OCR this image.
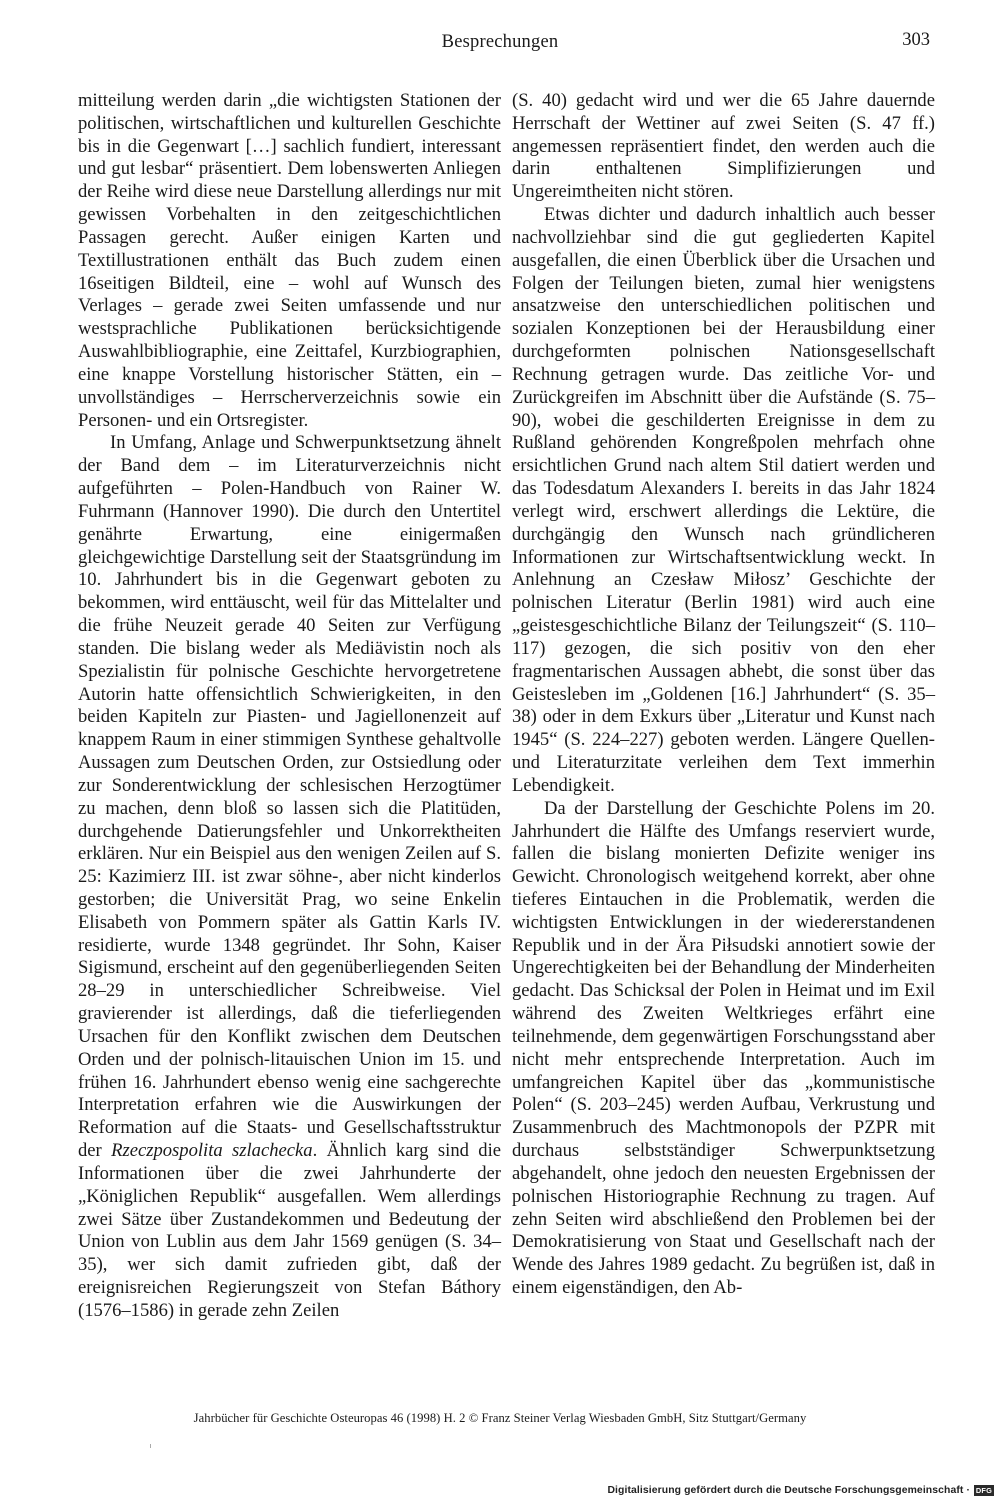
Besprechungen	303

mitteilung werden darin „die wichtigsten Stationen der politischen, wirtschaftlichen und kulturellen Geschichte bis in die Gegenwart […] sachlich fundiert, interessant und gut lesbar“ präsentiert. Dem lobenswerten Anliegen der Reihe wird diese neue Darstellung allerdings nur mit gewissen Vorbehalten in den zeitgeschichtlichen Passagen gerecht. Außer einigen Karten und Textillustrationen enthält das Buch zudem einen 16seitigen Bildteil, eine – wohl auf Wunsch des Verlages – gerade zwei Seiten umfassende und nur westsprachliche Publikationen berücksichtigende Auswahlbibliographie, eine Zeittafel, Kurzbiographien, eine knappe Vorstellung historischer Stätten, ein – unvollständiges – Herrscherverzeichnis sowie ein Personen- und ein Ortsregister.

In Umfang, Anlage und Schwerpunktsetzung ähnelt der Band dem – im Literaturverzeichnis nicht aufgeführten – Polen-Handbuch von Rainer W. Fuhrmann (Hannover 1990). Die durch den Untertitel genährte Erwartung, eine einigermaßen gleichgewichtige Darstellung seit der Staatsgründung im 10. Jahrhundert bis in die Gegenwart geboten zu bekommen, wird enttäuscht, weil für das Mittelalter und die frühe Neuzeit gerade 40 Seiten zur Verfügung standen. Die bislang weder als Mediävistin noch als Spezialistin für polnische Geschichte hervorgetretene Autorin hatte offensichtlich Schwierigkeiten, in den beiden Kapiteln zur Piasten- und Jagiellonenzeit auf knappem Raum in einer stimmigen Synthese gehaltvolle Aussagen zum Deutschen Orden, zur Ostsiedlung oder zur Sonderentwicklung der schlesischen Herzogtümer zu machen, denn bloß so lassen sich die Platitüden, durchgehende Datierungsfehler und Unkorrektheiten erklären. Nur ein Beispiel aus den wenigen Zeilen auf S. 25: Kazimierz III. ist zwar söhne-, aber nicht kinderlos gestorben; die Universität Prag, wo seine Enkelin Elisabeth von Pommern später als Gattin Karls IV. residierte, wurde 1348 gegründet. Ihr Sohn, Kaiser Sigismund, erscheint auf den gegenüberliegenden Seiten 28–29 in unterschiedlicher Schreibweise. Viel gravierender ist allerdings, daß die tieferliegenden Ursachen für den Konflikt zwischen dem Deutschen Orden und der polnisch-litauischen Union im 15. und frühen 16. Jahrhundert ebenso wenig eine sachgerechte Interpretation erfahren wie die Auswirkungen der Reformation auf die Staats- und Gesellschaftsstruktur der Rzeczpospolita szlachecka. Ähnlich karg sind die Informationen über die zwei Jahrhunderte der „Königlichen Republik“ ausgefallen. Wem allerdings zwei Sätze über Zustandekommen und Bedeutung der Union von Lublin aus dem Jahr 1569 genügen (S. 34–35), wer sich damit zufrieden gibt, daß der ereignisreichen Regierungszeit von Stefan Báthory (1576–1586) in gerade zehn Zeilen

(S. 40) gedacht wird und wer die 65 Jahre dauernde Herrschaft der Wettiner auf zwei Seiten (S. 47 ff.) angemessen repräsentiert findet, den werden auch die darin enthaltenen Simplifizierungen und Ungereimtheiten nicht stören.

Etwas dichter und dadurch inhaltlich auch besser nachvollziehbar sind die gut gegliederten Kapitel ausgefallen, die einen Überblick über die Ursachen und Folgen der Teilungen bieten, zumal hier wenigstens ansatzweise den unterschiedlichen politischen und sozialen Konzeptionen bei der Herausbildung einer durchgeformten polnischen Nationsgesellschaft Rechnung getragen wurde. Das zeitliche Vor- und Zurückgreifen im Abschnitt über die Aufstände (S. 75–90), wobei die geschilderten Ereignisse in dem zu Rußland gehörenden Kongreßpolen mehrfach ohne ersichtlichen Grund nach altem Stil datiert werden und das Todesdatum Alexanders I. bereits in das Jahr 1824 verlegt wird, erschwert allerdings die Lektüre, die durchgängig den Wunsch nach gründlicheren Informationen zur Wirtschaftsentwicklung weckt. In Anlehnung an Czesław Miłosz’ Geschichte der polnischen Literatur (Berlin 1981) wird auch eine „geistesgeschichtliche Bilanz der Teilungszeit“ (S. 110–117) gezogen, die sich positiv von den eher fragmentarischen Aussagen abhebt, die sonst über das Geistesleben im „Goldenen [16.] Jahrhundert“ (S. 35–38) oder in dem Exkurs über „Literatur und Kunst nach 1945“ (S. 224–227) geboten werden. Längere Quellen- und Literaturzitate verleihen dem Text immerhin Lebendigkeit.

Da der Darstellung der Geschichte Polens im 20. Jahrhundert die Hälfte des Umfangs reserviert wurde, fallen die bislang monierten Defizite weniger ins Gewicht. Chronologisch weitgehend korrekt, aber ohne tieferes Eintauchen in die Problematik, werden die wichtigsten Entwicklungen in der wiedererstandenen Republik und in der Ära Piłsudski annotiert sowie der Ungerechtigkeiten bei der Behandlung der Minderheiten gedacht. Das Schicksal der Polen in Heimat und im Exil während des Zweiten Weltkrieges erfährt eine teilnehmende, dem gegenwärtigen Forschungsstand aber nicht mehr entsprechende Interpretation. Auch im umfangreichen Kapitel über das „kommunistische Polen“ (S. 203–245) werden Aufbau, Verkrustung und Zusammenbruch des Machtmonopols der PZPR mit durchaus selbstständiger Schwerpunktsetzung abgehandelt, ohne jedoch den neuesten Ergebnissen der polnischen Historiographie Rechnung zu tragen. Auf zehn Seiten wird abschließend den Problemen bei der Demokratisierung von Staat und Gesellschaft nach der Wende des Jahres 1989 gedacht. Zu begrüßen ist, daß in einem eigenständigen, den Ab-

Jahrbücher für Geschichte Osteuropas 46 (1998) H. 2 © Franz Steiner Verlag Wiesbaden GmbH, Sitz Stuttgart/Germany
Digitalisierung gefördert durch die Deutsche Forschungsgemeinschaft · DFG
